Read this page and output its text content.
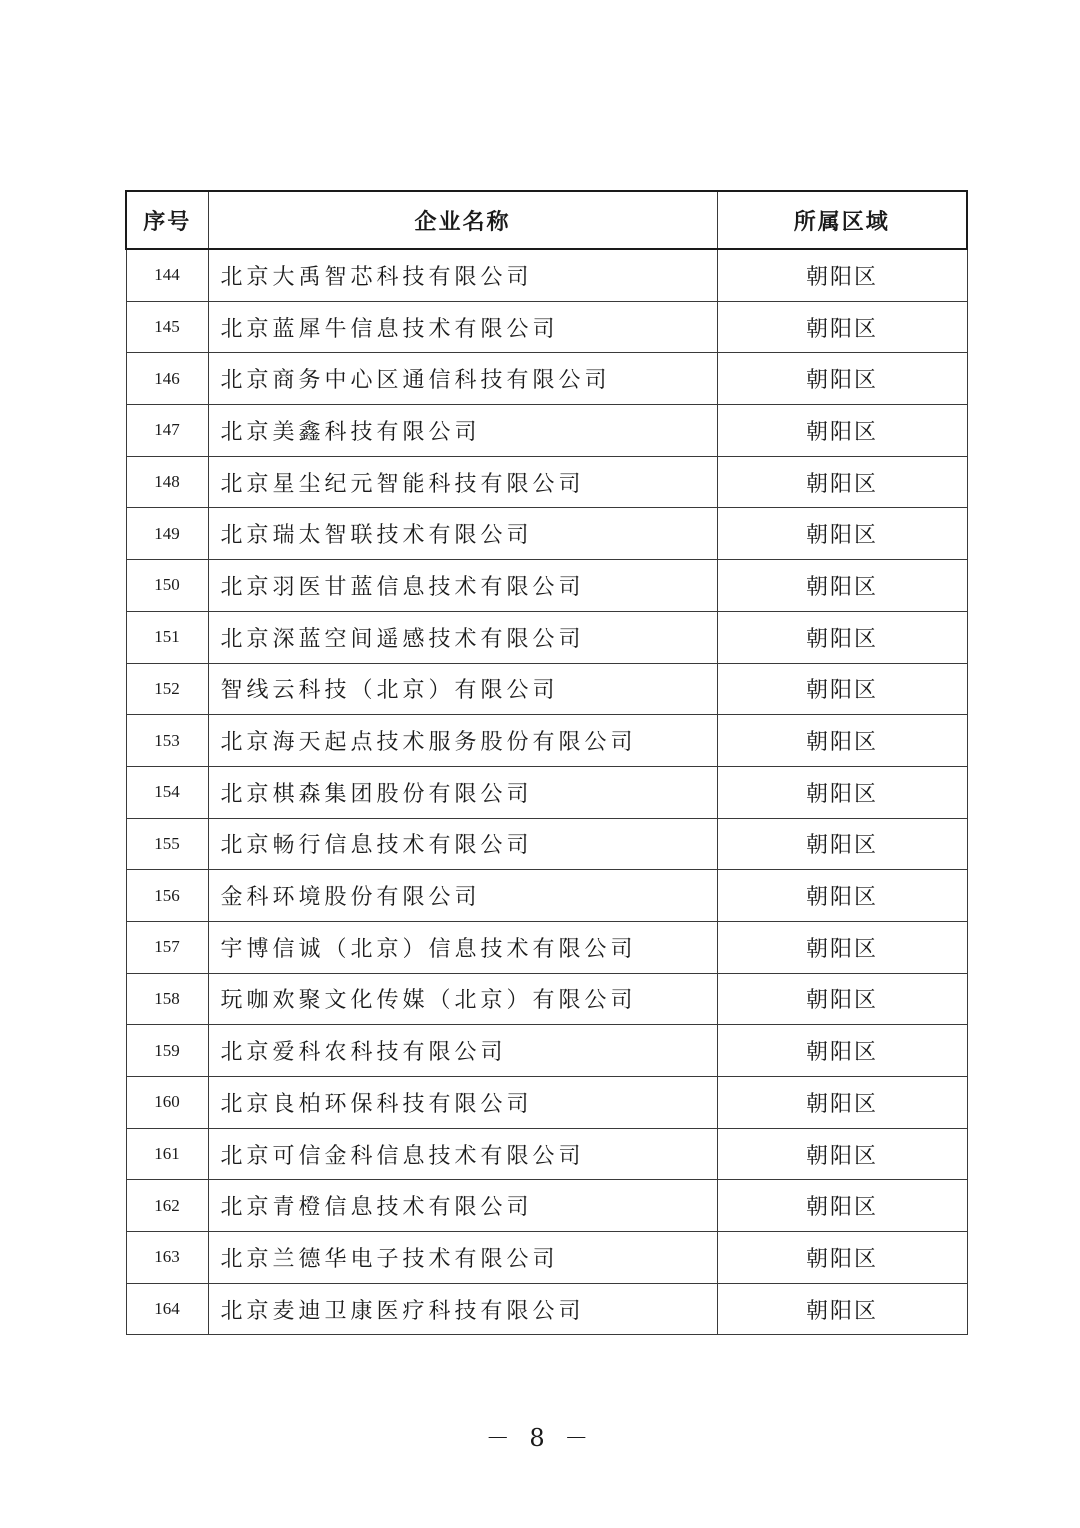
序号	企业名称	所属区域
144	北京大禹智芯科技有限公司	朝阳区
145	北京蓝犀牛信息技术有限公司	朝阳区
146	北京商务中心区通信科技有限公司	朝阳区
147	北京美鑫科技有限公司	朝阳区
148	北京星尘纪元智能科技有限公司	朝阳区
149	北京瑞太智联技术有限公司	朝阳区
150	北京羽医甘蓝信息技术有限公司	朝阳区
151	北京深蓝空间遥感技术有限公司	朝阳区
152	智线云科技（北京）有限公司	朝阳区
153	北京海天起点技术服务股份有限公司	朝阳区
154	北京棋森集团股份有限公司	朝阳区
155	北京畅行信息技术有限公司	朝阳区
156	金科环境股份有限公司	朝阳区
157	宇博信诚（北京）信息技术有限公司	朝阳区
158	玩咖欢聚文化传媒（北京）有限公司	朝阳区
159	北京爱科农科技有限公司	朝阳区
160	北京良柏环保科技有限公司	朝阳区
161	北京可信金科信息技术有限公司	朝阳区
162	北京青橙信息技术有限公司	朝阳区
163	北京兰德华电子技术有限公司	朝阳区
164	北京麦迪卫康医疗科技有限公司	朝阳区
－ 8 －
